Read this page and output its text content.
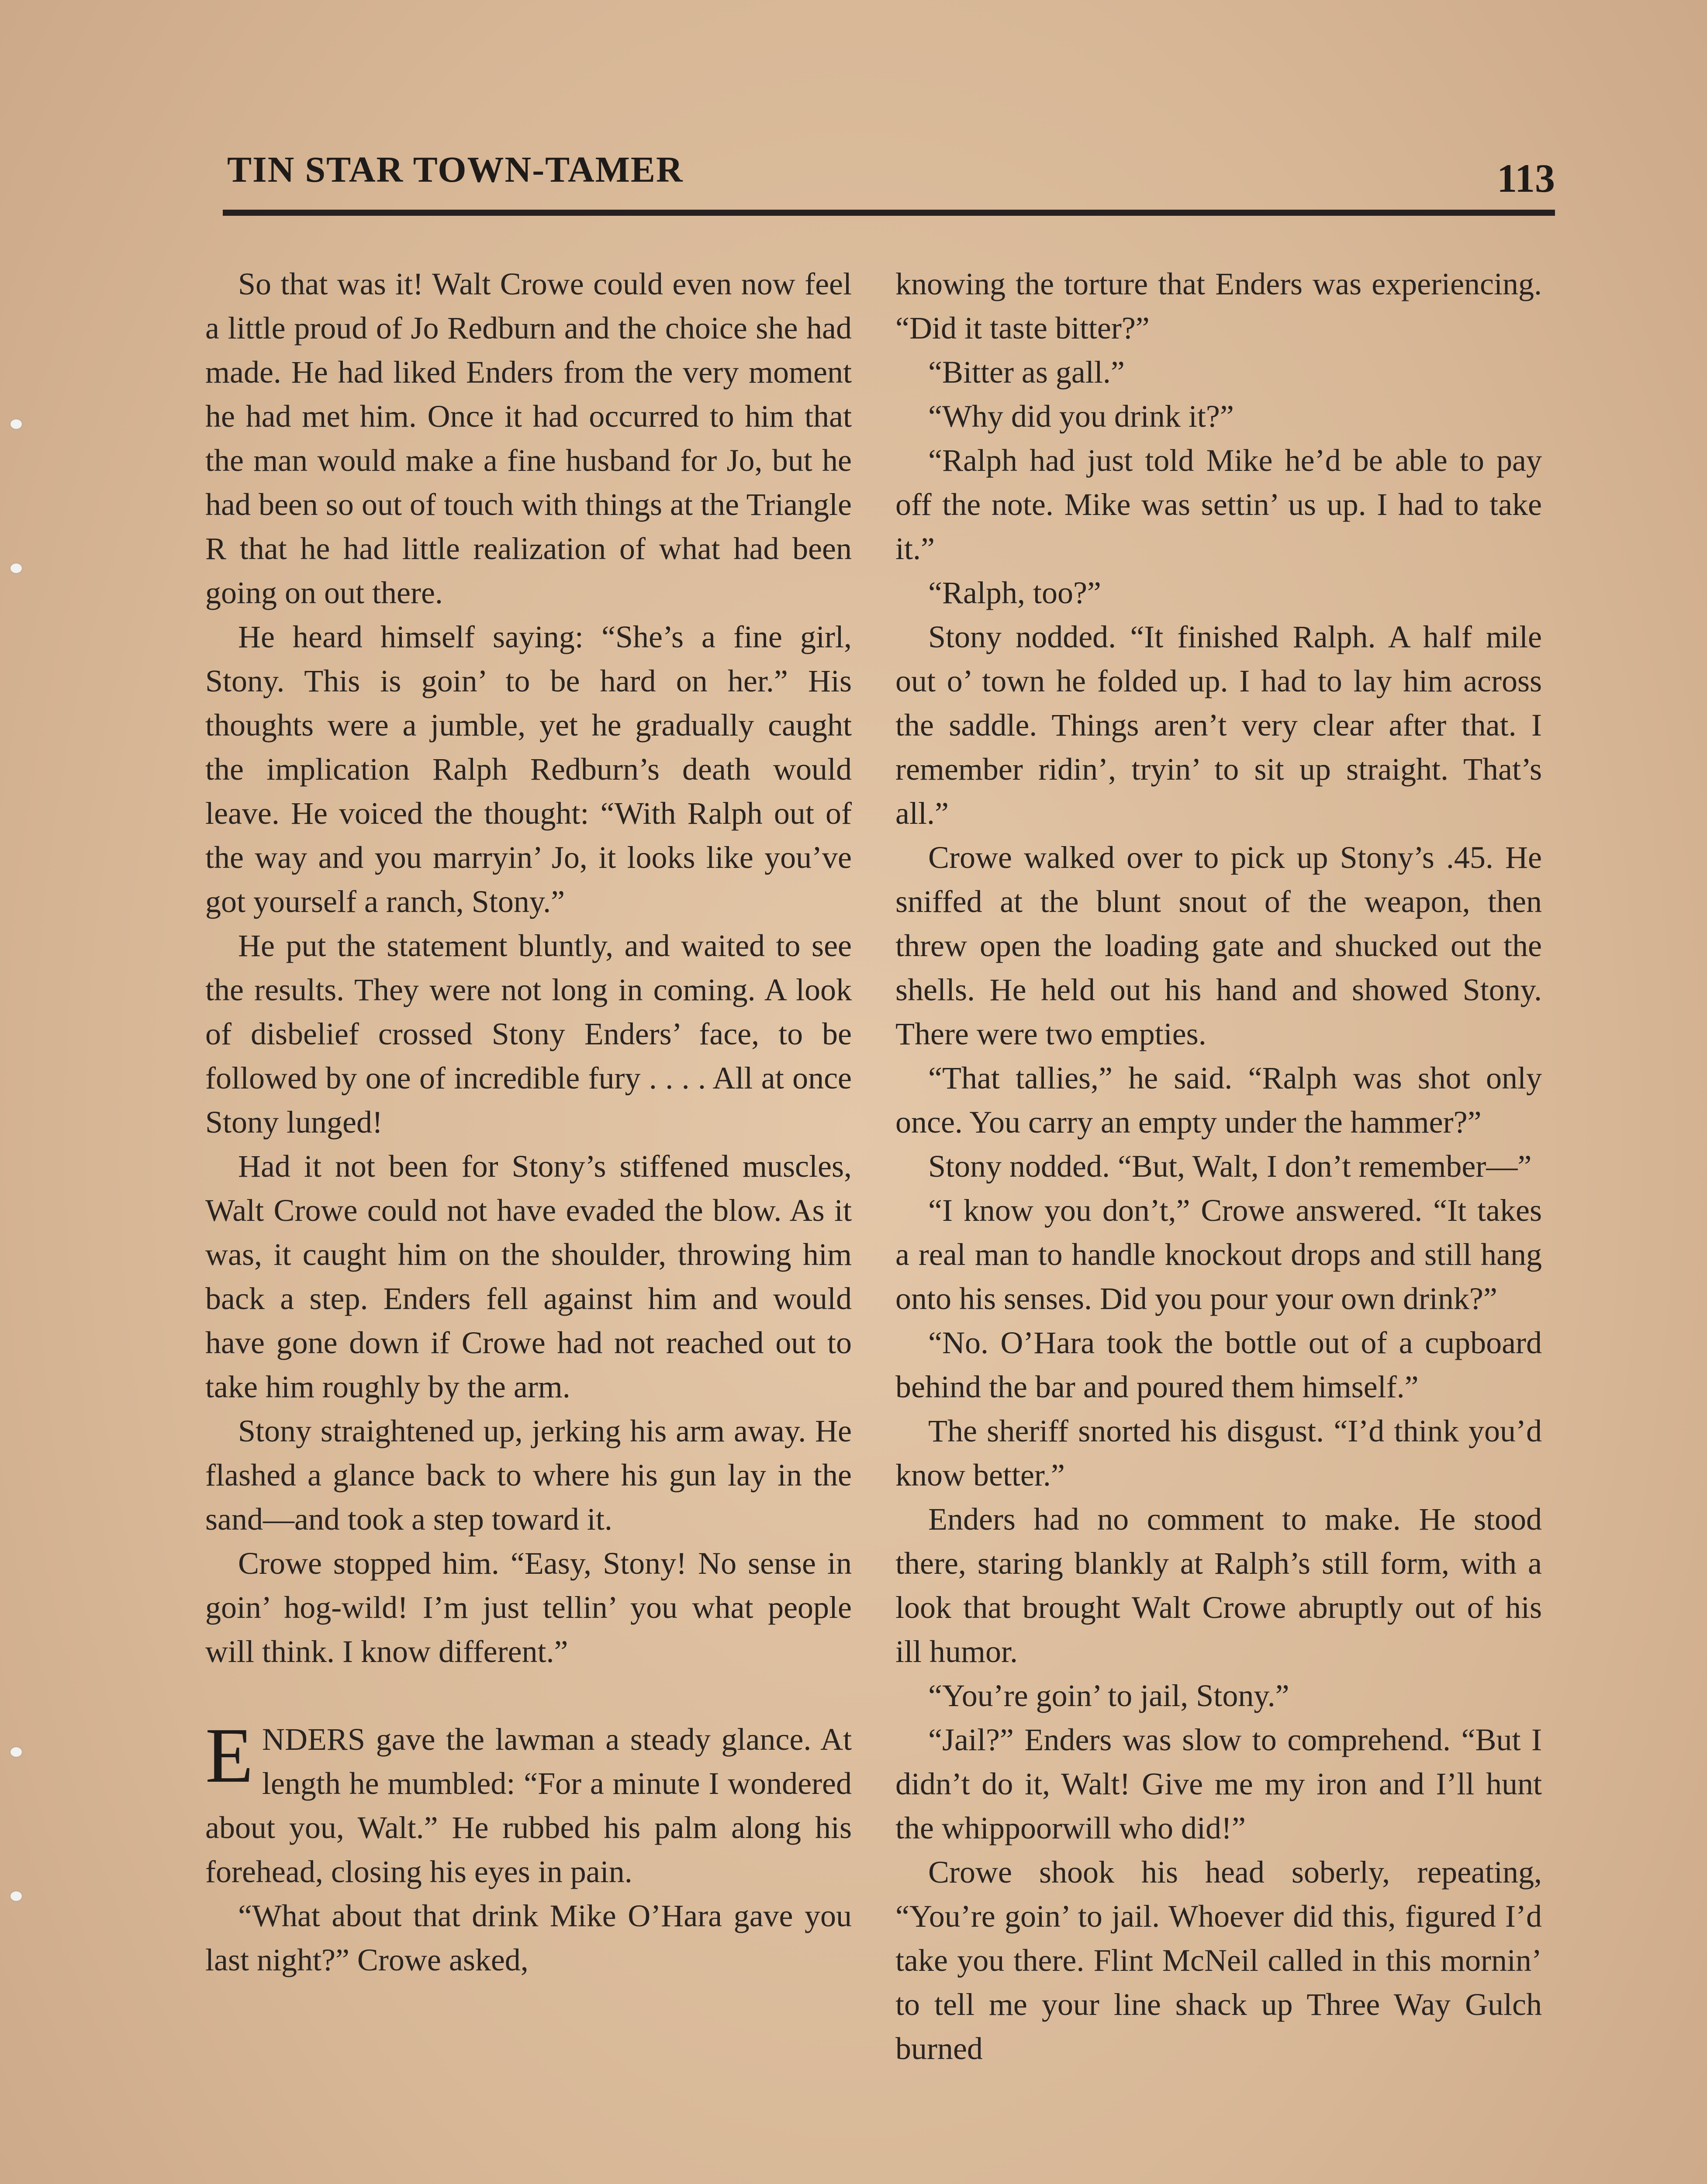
TIN STAR TOWN-TAMER	113

So that was it! Walt Crowe could even now feel a little proud of Jo Redburn and the choice she had made. He had liked Enders from the very moment he had met him. Once it had occurred to him that the man would make a fine husband for Jo, but he had been so out of touch with things at the Triangle R that he had little realization of what had been going on out there.

He heard himself saying: “She’s a fine girl, Stony. This is goin’ to be hard on her.” His thoughts were a jumble, yet he gradually caught the implication Ralph Redburn’s death would leave. He voiced the thought: “With Ralph out of the way and you marryin’ Jo, it looks like you’ve got yourself a ranch, Stony.”

He put the statement bluntly, and waited to see the results. They were not long in coming. A look of disbelief crossed Stony Enders’ face, to be followed by one of incredible fury . . . . All at once Stony lunged!

Had it not been for Stony’s stiffened muscles, Walt Crowe could not have evaded the blow. As it was, it caught him on the shoulder, throwing him back a step. Enders fell against him and would have gone down if Crowe had not reached out to take him roughly by the arm.

Stony straightened up, jerking his arm away. He flashed a glance back to where his gun lay in the sand—and took a step toward it.

Crowe stopped him. “Easy, Stony! No sense in goin’ hog-wild! I’m just tellin’ you what people will think. I know different.”

ENDERS gave the lawman a steady glance. At length he mumbled: “For a minute I wondered about you, Walt.” He rubbed his palm along his forehead, closing his eyes in pain.

“What about that drink Mike O’Hara gave you last night?” Crowe asked,

knowing the torture that Enders was experiencing. “Did it taste bitter?”

“Bitter as gall.”

“Why did you drink it?”

“Ralph had just told Mike he’d be able to pay off the note. Mike was settin’ us up. I had to take it.”

“Ralph, too?”

Stony nodded. “It finished Ralph. A half mile out o’ town he folded up. I had to lay him across the saddle. Things aren’t very clear after that. I remember ridin’, tryin’ to sit up straight. That’s all.”

Crowe walked over to pick up Stony’s .45. He sniffed at the blunt snout of the weapon, then threw open the loading gate and shucked out the shells. He held out his hand and showed Stony. There were two empties.

“That tallies,” he said. “Ralph was shot only once. You carry an empty under the hammer?”

Stony nodded. “But, Walt, I don’t remember—”

“I know you don’t,” Crowe answered. “It takes a real man to handle knockout drops and still hang onto his senses. Did you pour your own drink?”

“No. O’Hara took the bottle out of a cupboard behind the bar and poured them himself.”

The sheriff snorted his disgust. “I’d think you’d know better.”

Enders had no comment to make. He stood there, staring blankly at Ralph’s still form, with a look that brought Walt Crowe abruptly out of his ill humor.

“You’re goin’ to jail, Stony.”

“Jail?” Enders was slow to comprehend. “But I didn’t do it, Walt! Give me my iron and I’ll hunt the whippoorwill who did!”

Crowe shook his head soberly, repeating, “You’re goin’ to jail. Whoever did this, figured I’d take you there. Flint McNeil called in this mornin’ to tell me your line shack up Three Way Gulch burned
